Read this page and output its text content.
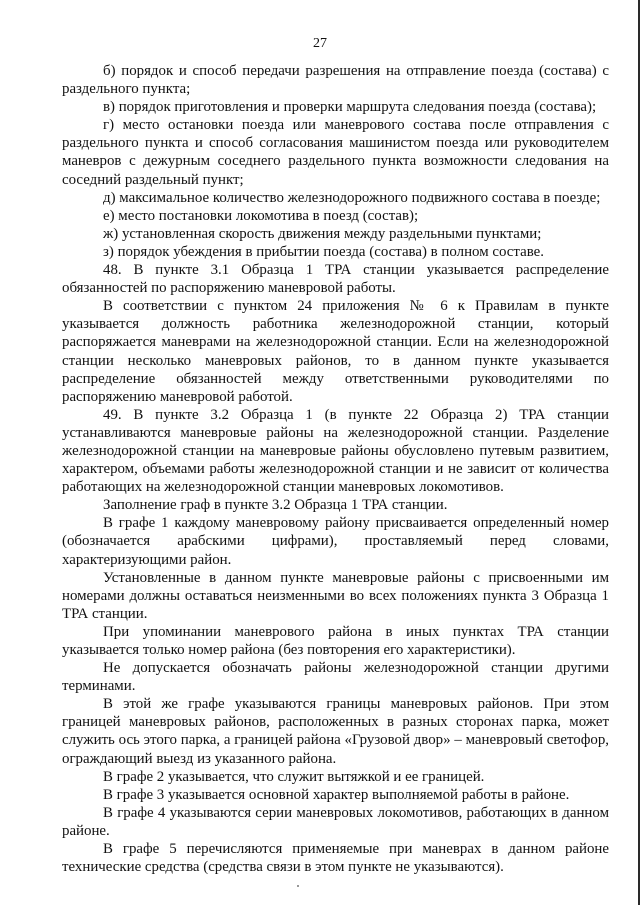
27

б) порядок и способ передачи разрешения на отправление поезда (состава) с раздельного пункта;

в) порядок приготовления и проверки маршрута следования поезда (состава);

г) место остановки поезда или маневрового состава после отправления с раздельного пункта и способ согласования машинистом поезда или руководителем маневров с дежурным соседнего раздельного пункта возможности следования на соседний раздельный пункт;

д) максимальное количество железнодорожного подвижного состава в поезде;

е) место постановки локомотива в поезд (состав);

ж) установленная скорость движения между раздельными пунктами;

з) порядок убеждения в прибытии поезда (состава) в полном составе.

48. В пункте 3.1 Образца 1 ТРА станции указывается распределение обязанностей по распоряжению маневровой работы.

В соответствии с пунктом 24 приложения № 6 к Правилам в пункте указывается должность работника железнодорожной станции, который распоряжается маневрами на железнодорожной станции. Если на железнодорожной станции несколько маневровых районов, то в данном пункте указывается распределение обязанностей между ответственными руководителями по распоряжению маневровой работой.

49. В пункте 3.2 Образца 1 (в пункте 22 Образца 2) ТРА станции устанавливаются маневровые районы на железнодорожной станции. Разделение железнодорожной станции на маневровые районы обусловлено путевым развитием, характером, объемами работы железнодорожной станции и не зависит от количества работающих на железнодорожной станции маневровых локомотивов.

Заполнение граф в пункте 3.2 Образца 1 ТРА станции.

В графе 1 каждому маневровому району присваивается определенный номер (обозначается арабскими цифрами), проставляемый перед словами, характеризующими район.

Установленные в данном пункте маневровые районы с присвоенными им номерами должны оставаться неизменными во всех положениях пункта 3 Образца 1 ТРА станции.

При упоминании маневрового района в иных пунктах ТРА станции указывается только номер района (без повторения его характеристики).

Не допускается обозначать районы железнодорожной станции другими терминами.

В этой же графе указываются границы маневровых районов. При этом границей маневровых районов, расположенных в разных сторонах парка, может служить ось этого парка, а границей района «Грузовой двор» – маневровый светофор, ограждающий выезд из указанного района.

В графе 2 указывается, что служит вытяжкой и ее границей.

В графе 3 указывается основной характер выполняемой работы в районе.

В графе 4 указываются серии маневровых локомотивов, работающих в данном районе.

В графе 5 перечисляются применяемые при маневрах в данном районе технические средства (средства связи в этом пункте не указываются).
